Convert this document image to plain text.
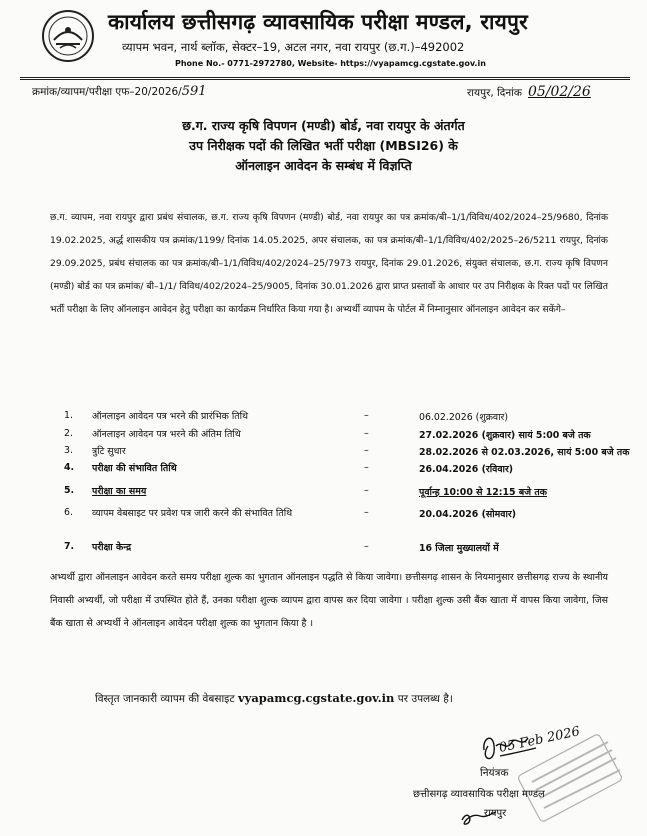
कार्यालय छत्तीसगढ़ व्यावसायिक परीक्षा मण्डल, रायपुर
व्यापम भवन, नार्थ ब्लॉक, सेक्टर–19, अटल नगर, नवा रायपुर (छ.ग.)–492002
Phone No.- 0771-2972780, Website- https://vyapamcg.cgstate.gov.in
क्रमांक/व्यापम/परीक्षा एफ–20/2026/591	रायपुर, दिनांक 05/02/26
छ.ग. राज्य कृषि विपणन (मण्डी) बोर्ड, नवा रायपुर के अंतर्गत
उप निरीक्षक पदों की लिखित भर्ती परीक्षा (MBSI26) के
ऑनलाइन आवेदन के सम्बंध में विज्ञप्ति
छ.ग. व्यापम, नवा रायपुर द्वारा प्रबंध संचालक, छ.ग. राज्य कृषि विपणन (मण्डी) बोर्ड, नवा रायपुर का पत्र क्रमांक/बी–1/1/विविध/402/2024–25/9680, दिनांक 19.02.2025, अर्द्ध शासकीय पत्र क्रमांक/1199/ दिनांक 14.05.2025, अपर संचालक, का पत्र क्रमांक/बी–1/1/विविध/402/2025–26/5211 रायपुर, दिनांक 29.09.2025, प्रबंध संचालक का पत्र क्रमांक/बी–1/1/विविध/402/2024–25/7973 रायपुर, दिनांक 29.01.2026, संयुक्त संचालक, छ.ग. राज्य कृषि विपणन (मण्डी) बोर्ड का पत्र क्रमांक/ बी–1/1/ विविध/402/2024–25/9005, दिनांक 30.01.2026 द्वारा प्राप्त प्रस्तावों के आधार पर उप निरीक्षक के रिक्त पदों पर लिखित भर्ती परीक्षा के लिए ऑनलाइन आवेदन हेतु परीक्षा का कार्यक्रम निर्धारित किया गया है। अभ्यर्थी व्यापम के पोर्टल में निम्नानुसार ऑनलाइन आवेदन कर सकेंगे–
1.	ऑनलाइन आवेदन पत्र भरने की प्रारंभिक तिथि	–	06.02.2026 (शुक्रवार)
2.	ऑनलाइन आवेदन पत्र भरने की अंतिम तिथि	–	27.02.2026 (शुक्रवार) सायं 5:00 बजे तक
3.	त्रुटि सुधार	–	28.02.2026 से 02.03.2026, सायं 5:00 बजे तक
4.	परीक्षा की संभावित तिथि	–	26.04.2026 (रविवार)
5.	परीक्षा का समय	–	पूर्वान्ह 10:00 से 12:15 बजे तक
6.	व्यापम वेबसाइट पर प्रवेश पत्र जारी करने की संभावित तिथि	–	20.04.2026 (सोमवार)
7.	परीक्षा केन्द्र	–	16 जिला मुख्यालयों में
अभ्यर्थी द्वारा ऑनलाइन आवेदन करते समय परीक्षा शुल्क का भुगतान ऑनलाइन पद्धति से किया जावेगा। छत्तीसगढ़ शासन के नियमानुसार छत्तीसगढ़ राज्य के स्थानीय निवासी अभ्यर्थी, जो परीक्षा में उपस्थित होते हैं, उनका परीक्षा शुल्क व्यापम द्वारा वापस कर दिया जावेगा । परीक्षा शुल्क उसी बैंक खाता में वापस किया जावेगा, जिस बैंक खाता से अभ्यर्थी ने ऑनलाइन आवेदन परीक्षा शुल्क का भुगतान किया है ।
विस्तृत जानकारी व्यापम की वेबसाइट vyapamcg.cgstate.gov.in पर उपलब्ध है।
05 Feb 2026
नियंत्रक
छत्तीसगढ़ व्यावसायिक परीक्षा मण्डल
रायपुर
